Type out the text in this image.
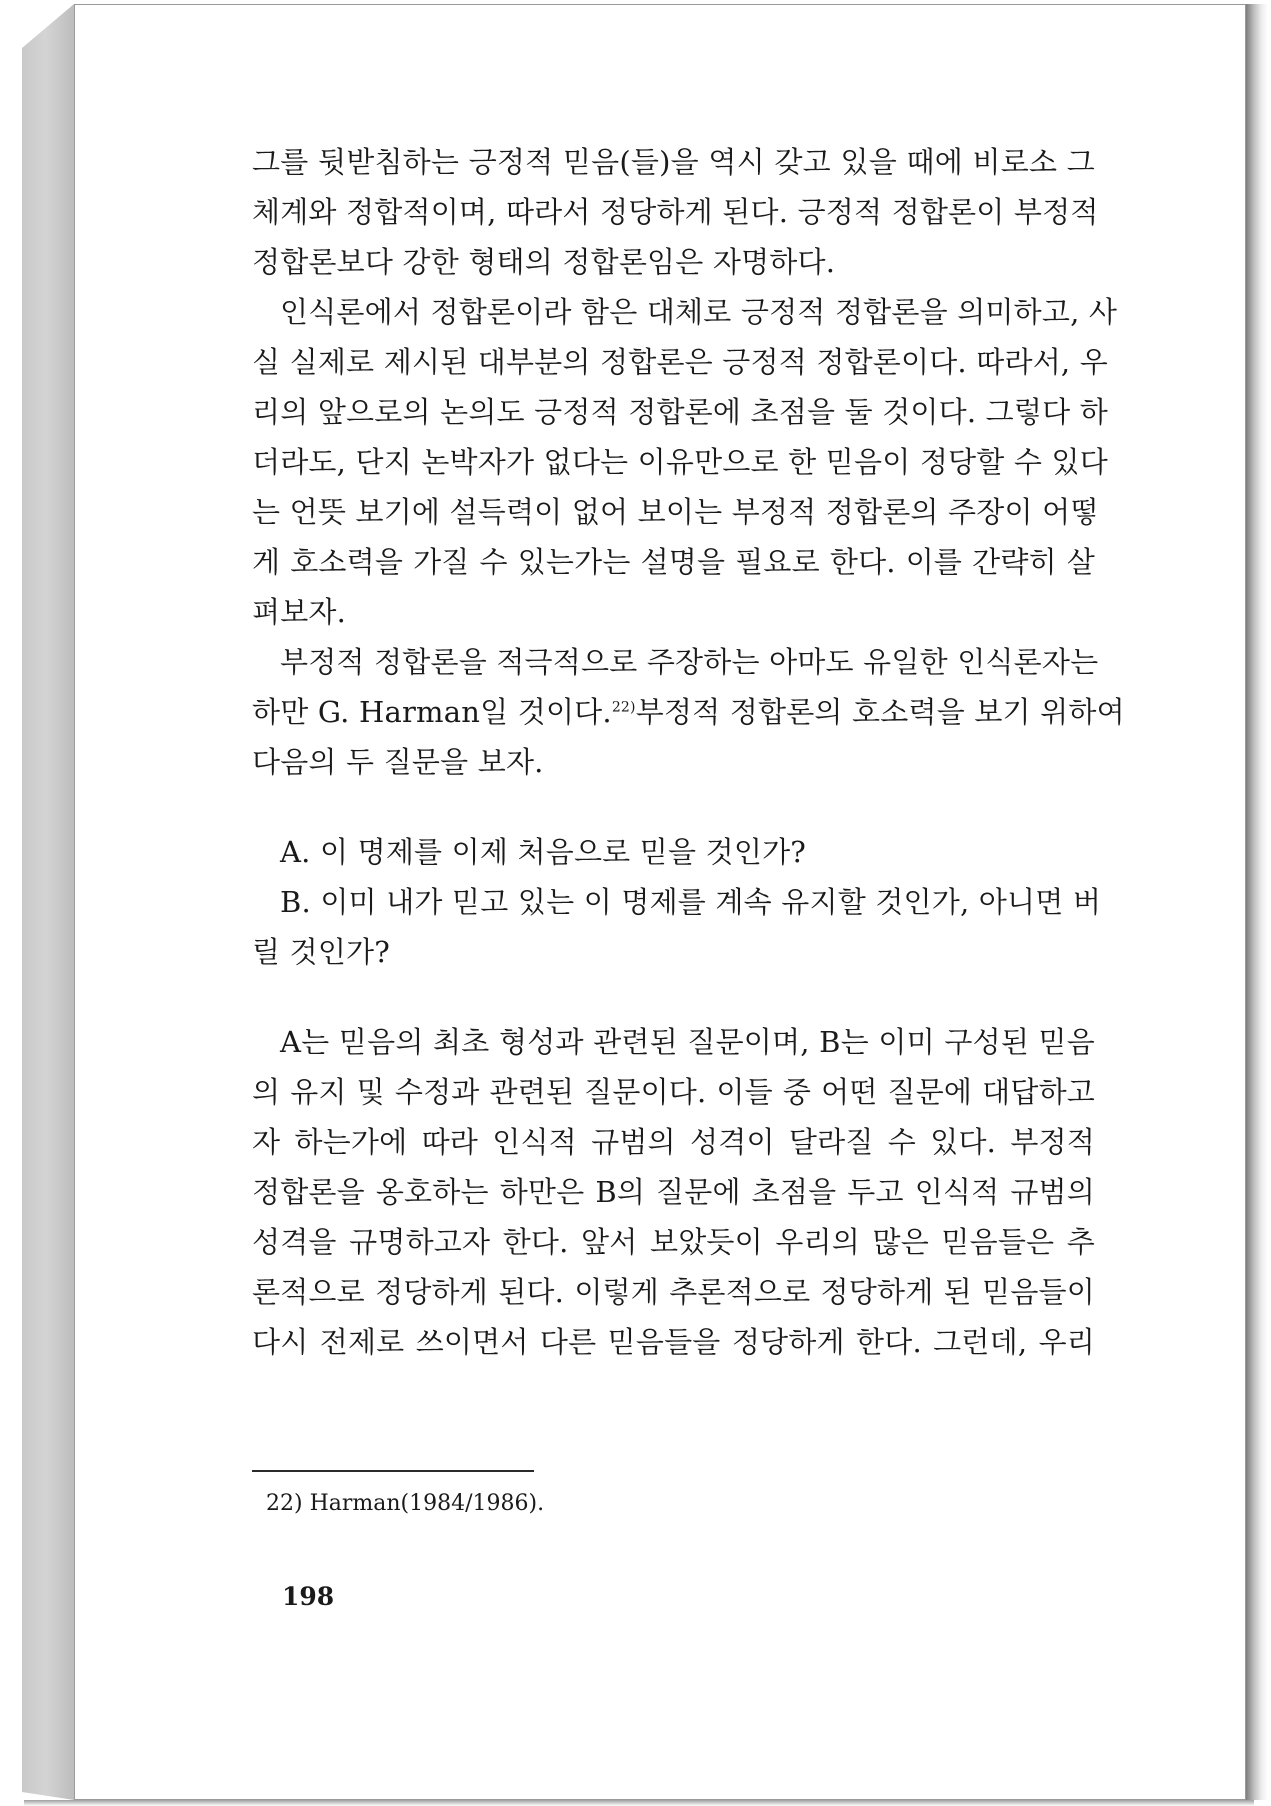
그를 뒷받침하는 긍정적 믿음(들)을 역시 갖고 있을 때에 비로소 그
체계와 정합적이며, 따라서 정당하게 된다. 긍정적 정합론이 부정적
정합론보다 강한 형태의 정합론임은 자명하다.
인식론에서 정합론이라 함은 대체로 긍정적 정합론을 의미하고, 사
실 실제로 제시된 대부분의 정합론은 긍정적 정합론이다. 따라서, 우
리의 앞으로의 논의도 긍정적 정합론에 초점을 둘 것이다. 그렇다 하
더라도, 단지 논박자가 없다는 이유만으로 한 믿음이 정당할 수 있다
는 언뜻 보기에 설득력이 없어 보이는 부정적 정합론의 주장이 어떻
게 호소력을 가질 수 있는가는 설명을 필요로 한다. 이를 간략히 살
펴보자.
부정적 정합론을 적극적으로 주장하는 아마도 유일한 인식론자는
하만 G. Harman일 것이다.$^{22)}$ 부정적 정합론의 호소력을 보기 위하여
다음의 두 질문을 보자.
A. 이 명제를 이제 처음으로 믿을 것인가?
B. 이미 내가 믿고 있는 이 명제를 계속 유지할 것인가, 아니면 버
릴 것인가?
A는 믿음의 최초 형성과 관련된 질문이며, B는 이미 구성된 믿음
의 유지 및 수정과 관련된 질문이다. 이들 중 어떤 질문에 대답하고
자 하는가에 따라 인식적 규범의 성격이 달라질 수 있다. 부정적
정합론을 옹호하는 하만은 B의 질문에 초점을 두고 인식적 규범의
성격을 규명하고자 한다. 앞서 보았듯이 우리의 많은 믿음들은 추
론적으로 정당하게 된다. 이렇게 추론적으로 정당하게 된 믿음들이
다시 전제로 쓰이면서 다른 믿음들을 정당하게 한다. 그런데, 우리
22) Harman(1984/1986).
198
